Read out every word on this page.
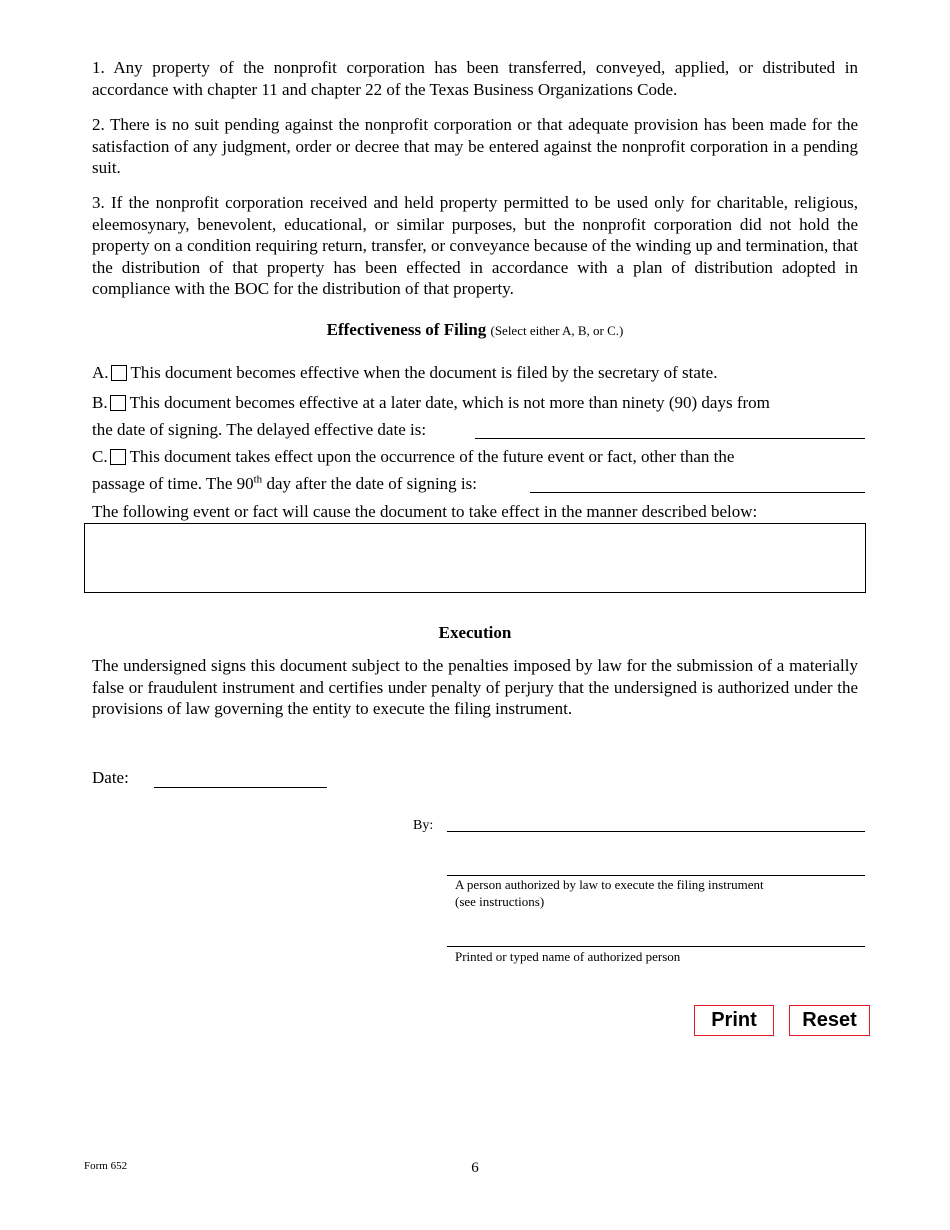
1. Any property of the nonprofit corporation has been transferred, conveyed, applied, or distributed in accordance with chapter 11 and chapter 22 of the Texas Business Organizations Code.

2. There is no suit pending against the nonprofit corporation or that adequate provision has been made for the satisfaction of any judgment, order or decree that may be entered against the nonprofit corporation in a pending suit.

3. If the nonprofit corporation received and held property permitted to be used only for charitable, religious, eleemosynary, benevolent, educational, or similar purposes, but the nonprofit corporation did not hold the property on a condition requiring return, transfer, or conveyance because of the winding up and termination, that the distribution of that property has been effected in accordance with a plan of distribution adopted in compliance with the BOC for the distribution of that property.

Effectiveness of Filing (Select either A, B, or C.)
A. This document becomes effective when the document is filed by the secretary of state.
B. This document becomes effective at a later date, which is not more than ninety (90) days from
the date of signing. The delayed effective date is:
C. This document takes effect upon the occurrence of the future event or fact, other than the
passage of time. The 90th day after the date of signing is:
The following event or fact will cause the document to take effect in the manner described below:
Execution

The undersigned signs this document subject to the penalties imposed by law for the submission of a materially false or fraudulent instrument and certifies under penalty of perjury that the undersigned is authorized under the provisions of law governing the entity to execute the filing instrument.

Date:
By:
A person authorized by law to execute the filing instrument
(see instructions)
Printed or typed name of authorized person
Print	Reset
Form 652	6
